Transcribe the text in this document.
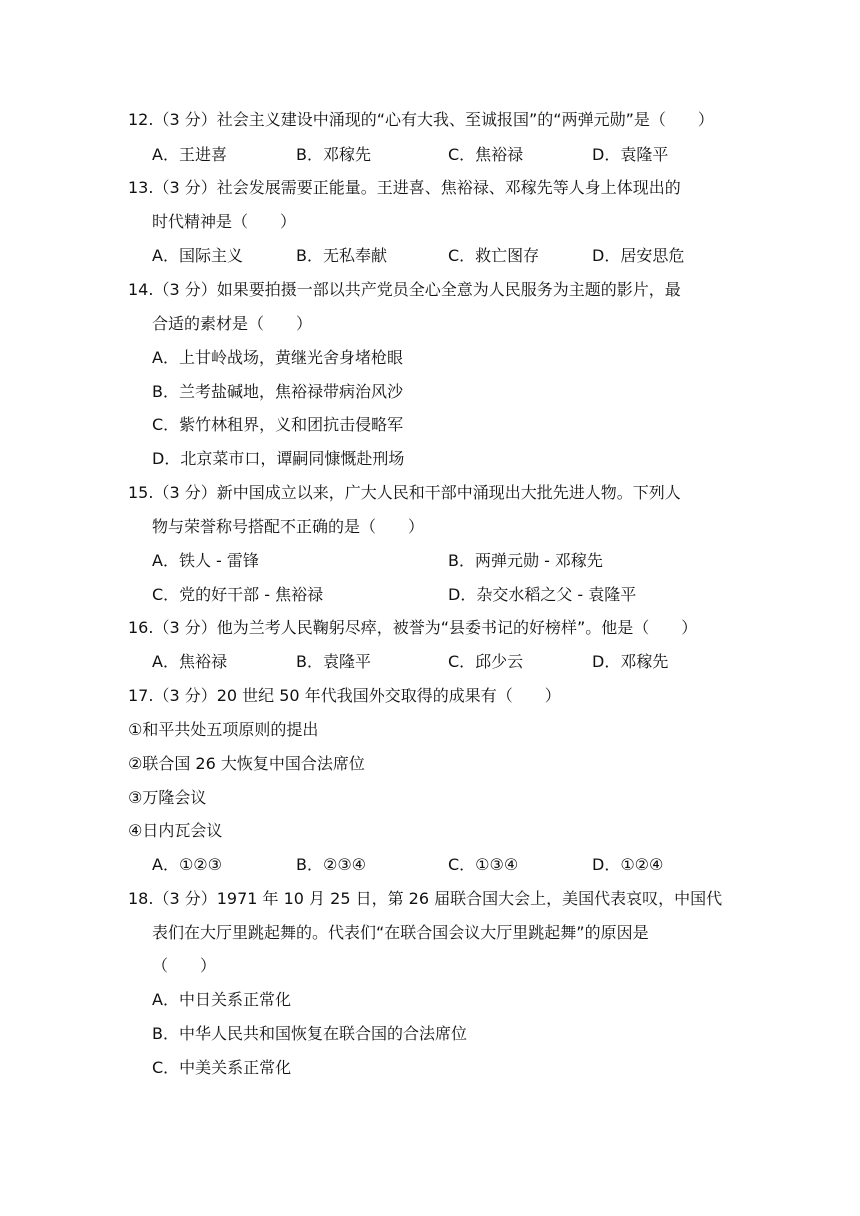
12.（3 分）社会主义建设中涌现的“心有大我、至诚报国”的“两弹元勋”是（　　）
A．王进喜	B．邓稼先	C．焦裕禄	D．袁隆平
13.（3 分）社会发展需要正能量。王进喜、焦裕禄、邓稼先等人身上体现出的
时代精神是（　　）
A．国际主义	B．无私奉献	C．救亡图存	D．居安思危
14.（3 分）如果要拍摄一部以共产党员全心全意为人民服务为主题的影片，最
合适的素材是（　　）
A．上甘岭战场，黄继光舍身堵枪眼
B．兰考盐碱地，焦裕禄带病治风沙
C．紫竹林租界，义和团抗击侵略军
D．北京菜市口，谭嗣同慷慨赴刑场
15.（3 分）新中国成立以来，广大人民和干部中涌现出大批先进人物。下列人
物与荣誉称号搭配不正确的是（　　）
A．铁人 - 雷锋	B．两弹元勋 - 邓稼先
C．党的好干部 - 焦裕禄	D．杂交水稻之父 - 袁隆平
16.（3 分）他为兰考人民鞠躬尽瘁，被誉为“县委书记的好榜样”。他是（　　）
A．焦裕禄	B．袁隆平	C．邱少云	D．邓稼先
17.（3 分）20 世纪 50 年代我国外交取得的成果有（　　）
①和平共处五项原则的提出
②联合国 26 大恢复中国合法席位
③万隆会议
④日内瓦会议
A．①②③	B．②③④	C．①③④	D．①②④
18.（3 分）1971 年 10 月 25 日，第 26 届联合国大会上，美国代表哀叹，中国代
表们在大厅里跳起舞的。代表们“在联合国会议大厅里跳起舞”的原因是
（　　）
A．中日关系正常化
B．中华人民共和国恢复在联合国的合法席位
C．中美关系正常化
